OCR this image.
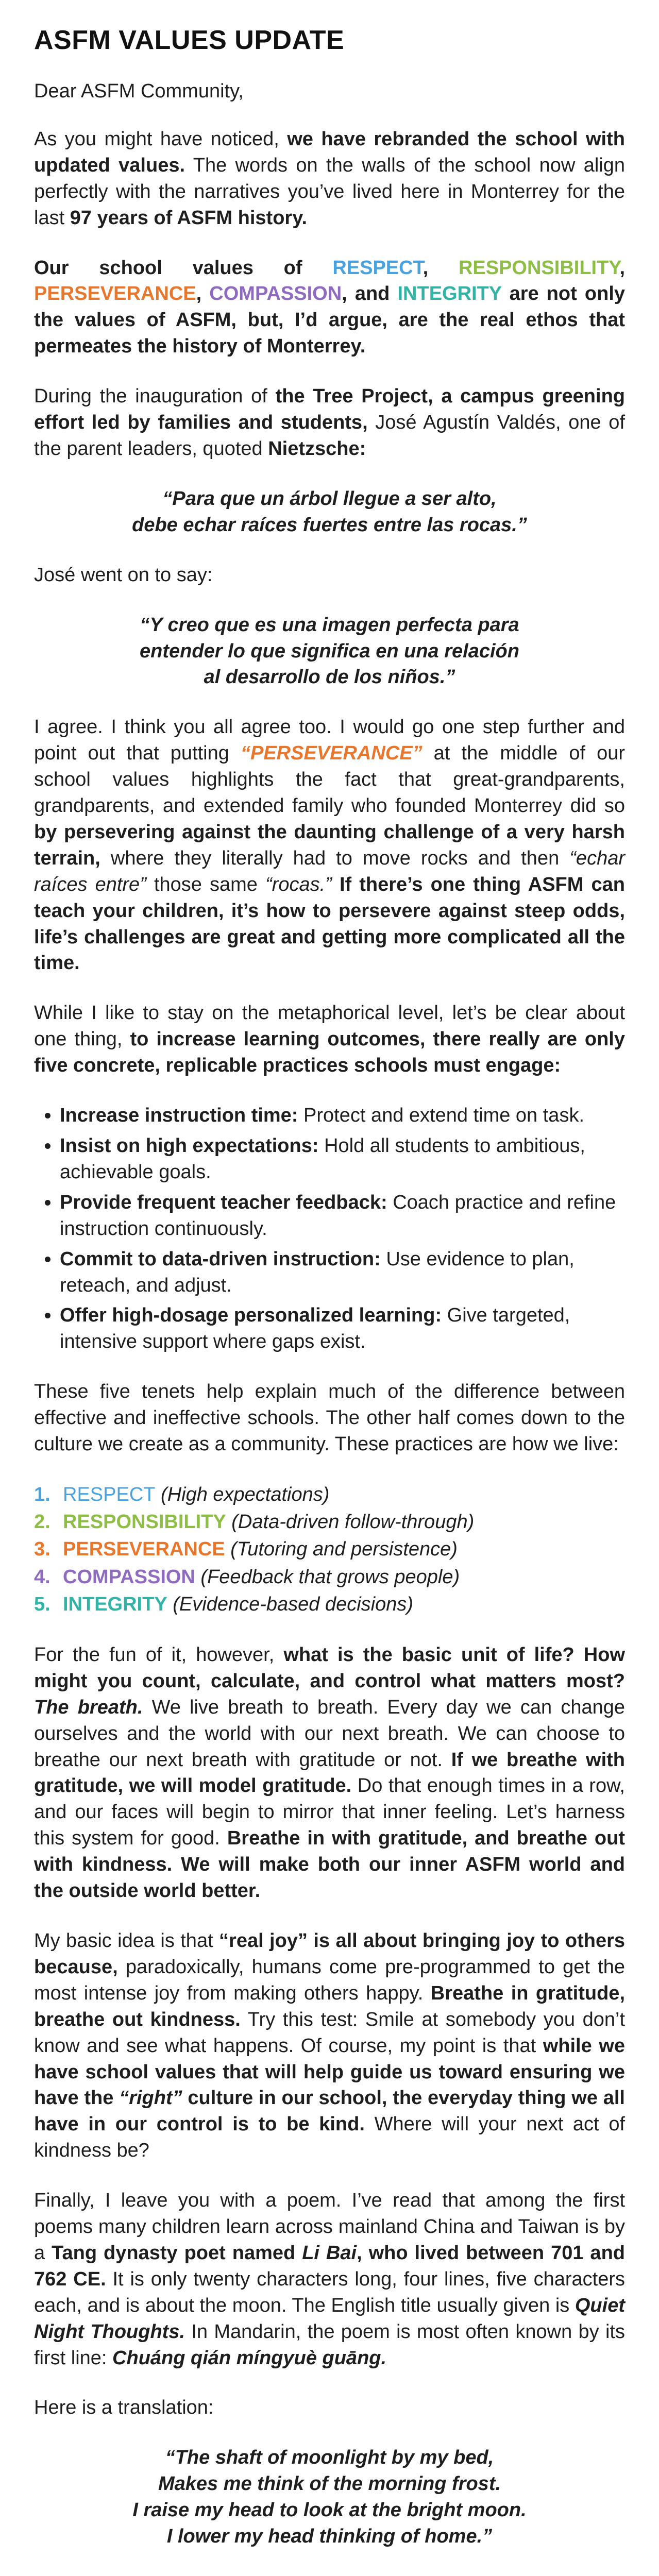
ASFM VALUES UPDATE

Dear ASFM Community,

As you might have noticed, we have rebranded the school with updated values. The words on the walls of the school now align perfectly with the narratives you’ve lived here in Monterrey for the last 97 years of ASFM history.

Our school values of RESPECT, RESPONSIBILITY, PERSEVERANCE, COMPASSION, and INTEGRITY are not only the values of ASFM, but, I’d argue, are the real ethos that permeates the history of Monterrey.

During the inauguration of the Tree Project, a campus greening effort led by families and students, José Agustín Valdés, one of the parent leaders, quoted Nietzsche:

“Para que un árbol llegue a ser alto,
debe echar raíces fuertes entre las rocas.”

José went on to say:

“Y creo que es una imagen perfecta para
entender lo que significa en una relación
al desarrollo de los niños.”

I agree. I think you all agree too. I would go one step further and point out that putting “PERSEVERANCE” at the middle of our school values highlights the fact that great-grandparents, grandparents, and extended family who founded Monterrey did so by persevering against the daunting challenge of a very harsh terrain, where they literally had to move rocks and then “echar raíces entre” those same “rocas.” If there’s one thing ASFM can teach your children, it’s how to persevere against steep odds, life’s challenges are great and getting more complicated all the time.

While I like to stay on the metaphorical level, let’s be clear about one thing, to increase learning outcomes, there really are only five concrete, replicable practices schools must engage:

• Increase instruction time: Protect and extend time on task.
• Insist on high expectations: Hold all students to ambitious, achievable goals.
• Provide frequent teacher feedback: Coach practice and refine instruction continuously.
• Commit to data-driven instruction: Use evidence to plan, reteach, and adjust.
• Offer high-dosage personalized learning: Give targeted, intensive support where gaps exist.

These five tenets help explain much of the difference between effective and ineffective schools. The other half comes down to the culture we create as a community. These practices are how we live:

1. RESPECT (High expectations)
2. RESPONSIBILITY (Data-driven follow-through)
3. PERSEVERANCE (Tutoring and persistence)
4. COMPASSION (Feedback that grows people)
5. INTEGRITY (Evidence-based decisions)

For the fun of it, however, what is the basic unit of life? How might you count, calculate, and control what matters most? The breath. We live breath to breath. Every day we can change ourselves and the world with our next breath. We can choose to breathe our next breath with gratitude or not. If we breathe with gratitude, we will model gratitude. Do that enough times in a row, and our faces will begin to mirror that inner feeling. Let’s harness this system for good. Breathe in with gratitude, and breathe out with kindness. We will make both our inner ASFM world and the outside world better.

My basic idea is that “real joy” is all about bringing joy to others because, paradoxically, humans come pre-programmed to get the most intense joy from making others happy. Breathe in gratitude, breathe out kindness. Try this test: Smile at somebody you don’t know and see what happens. Of course, my point is that while we have school values that will help guide us toward ensuring we have the “right” culture in our school, the everyday thing we all have in our control is to be kind. Where will your next act of kindness be?

Finally, I leave you with a poem. I’ve read that among the first poems many children learn across mainland China and Taiwan is by a Tang dynasty poet named Li Bai, who lived between 701 and 762 CE. It is only twenty characters long, four lines, five characters each, and is about the moon. The English title usually given is Quiet Night Thoughts. In Mandarin, the poem is most often known by its first line: Chuáng qián míngyuè guāng.

Here is a translation:

“The shaft of moonlight by my bed,
Makes me think of the morning frost.
I raise my head to look at the bright moon.
I lower my head thinking of home.”
